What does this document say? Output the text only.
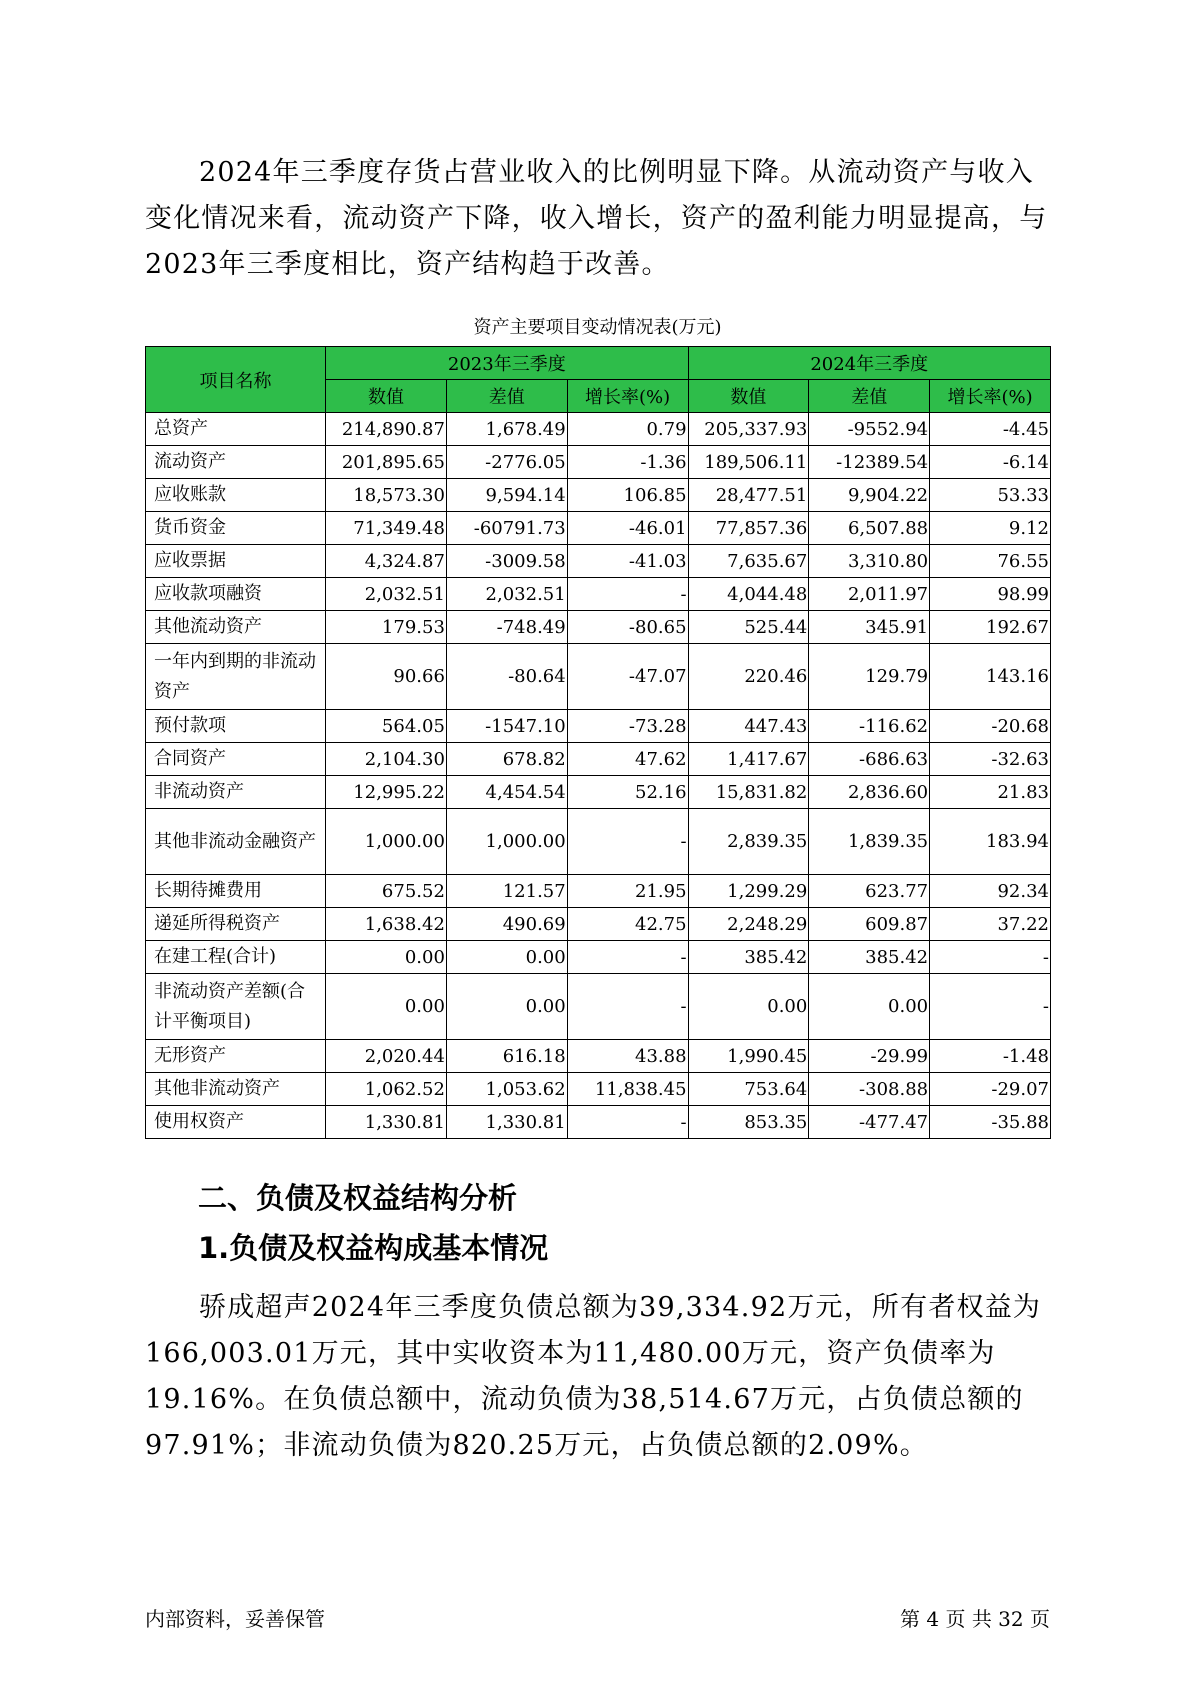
2024年三季度存货占营业收入的比例明显下降。从流动资产与收入变化情况来看，流动资产下降，收入增长，资产的盈利能力明显提高，与2023年三季度相比，资产结构趋于改善。

资产主要项目变动情况表(万元)
项目名称	2023年三季度			2024年三季度		
	数值	差值	增长率(%)	数值	差值	增长率(%)
总资产	214,890.87	1,678.49	0.79	205,337.93	-9552.94	-4.45
流动资产	201,895.65	-2776.05	-1.36	189,506.11	-12389.54	-6.14
应收账款	18,573.30	9,594.14	106.85	28,477.51	9,904.22	53.33
货币资金	71,349.48	-60791.73	-46.01	77,857.36	6,507.88	9.12
应收票据	4,324.87	-3009.58	-41.03	7,635.67	3,310.80	76.55
应收款项融资	2,032.51	2,032.51	-	4,044.48	2,011.97	98.99
其他流动资产	179.53	-748.49	-80.65	525.44	345.91	192.67
一年内到期的非流动资产	90.66	-80.64	-47.07	220.46	129.79	143.16
预付款项	564.05	-1547.10	-73.28	447.43	-116.62	-20.68
合同资产	2,104.30	678.82	47.62	1,417.67	-686.63	-32.63
非流动资产	12,995.22	4,454.54	52.16	15,831.82	2,836.60	21.83
其他非流动金融资产	1,000.00	1,000.00	-	2,839.35	1,839.35	183.94
长期待摊费用	675.52	121.57	21.95	1,299.29	623.77	92.34
递延所得税资产	1,638.42	490.69	42.75	2,248.29	609.87	37.22
在建工程(合计)	0.00	0.00	-	385.42	385.42	-
非流动资产差额(合计平衡项目)	0.00	0.00	-	0.00	0.00	-
无形资产	2,020.44	616.18	43.88	1,990.45	-29.99	-1.48
其他非流动资产	1,062.52	1,053.62	11,838.45	753.64	-308.88	-29.07
使用权资产	1,330.81	1,330.81	-	853.35	-477.47	-35.88
二、负债及权益结构分析
1.负债及权益构成基本情况

骄成超声2024年三季度负债总额为39,334.92万元，所有者权益为166,003.01万元，其中实收资本为11,480.00万元，资产负债率为19.16%。在负债总额中，流动负债为38,514.67万元，占负债总额的97.91%；非流动负债为820.25万元，占负债总额的2.09%。

内部资料，妥善保管	第 4 页 共 32 页
